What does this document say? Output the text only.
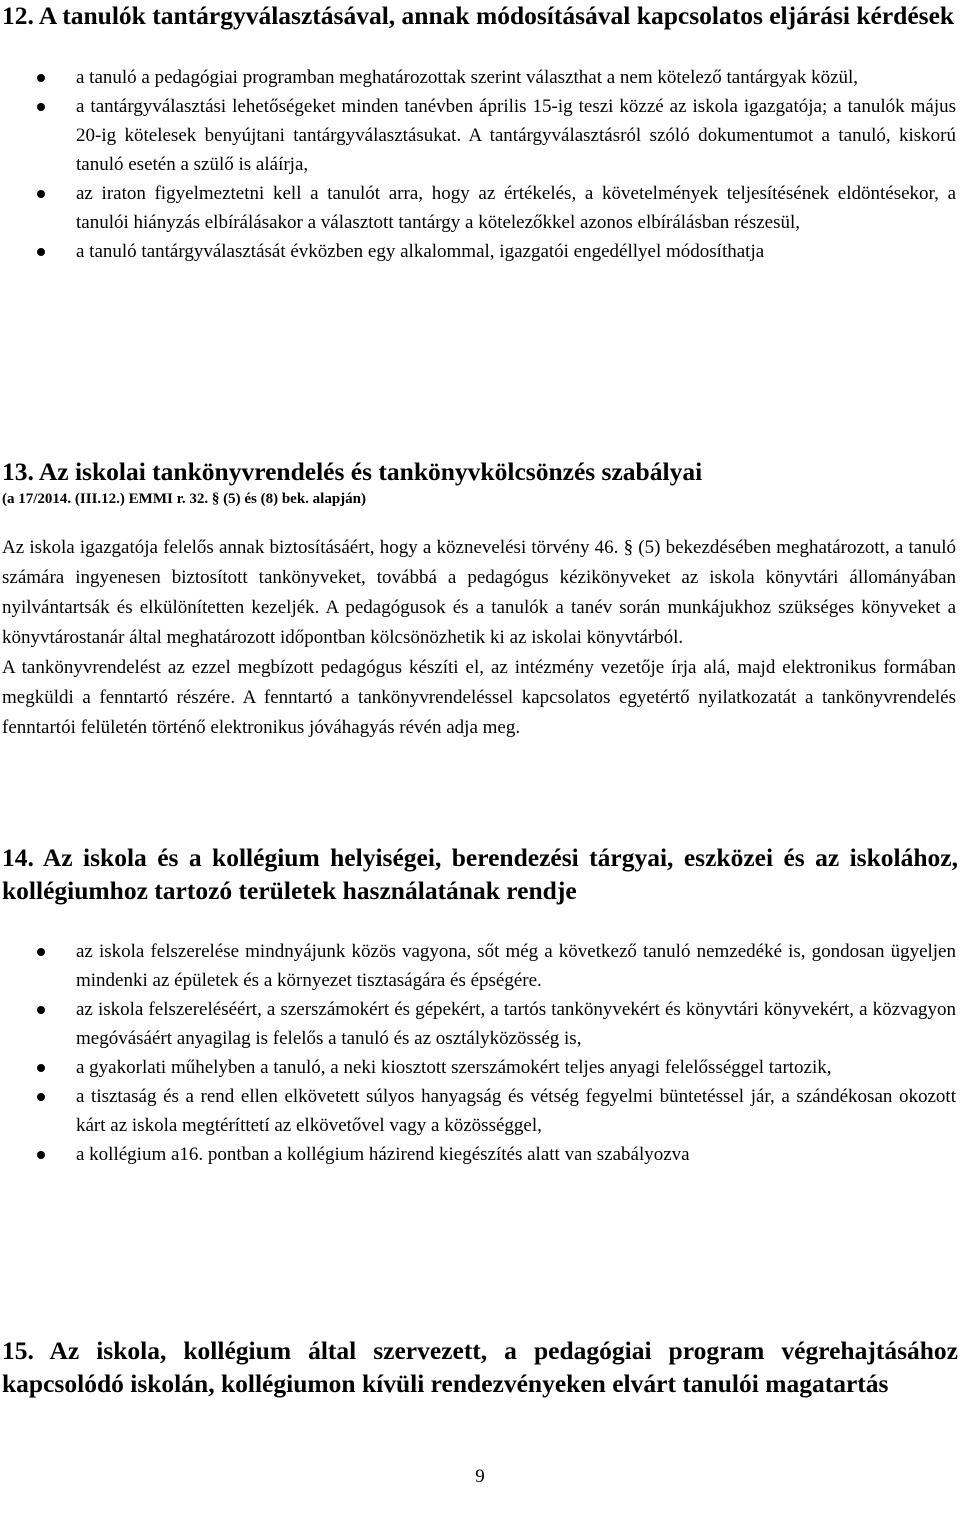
12. A tanulók tantárgyválasztásával, annak módosításával kapcsolatos eljárási kérdések
a tanuló a pedagógiai programban meghatározottak szerint választhat a nem kötelező tantárgyak közül,
a tantárgyválasztási lehetőségeket minden tanévben április 15-ig teszi közzé az iskola igazgatója; a tanulók május 20-ig kötelesek benyújtani tantárgyválasztásukat. A tantárgyválasztásról szóló dokumentumot a tanuló, kiskorú tanuló esetén a szülő is aláírja,
az iraton figyelmeztetni kell a tanulót arra, hogy az értékelés, a követelmények teljesítésének eldöntésekor, a tanulói hiányzás elbírálásakor a választott tantárgy a kötelezőkkel azonos elbírálásban részesül,
a tanuló tantárgyválasztását évközben egy alkalommal, igazgatói engedéllyel módosíthatja
13. Az iskolai tankönyvrendelés és tankönyvkölcsönzés szabályai
(a 17/2014. (III.12.) EMMI r. 32. § (5) és (8) bek. alapján)

Az iskola igazgatója felelős annak biztosításáért, hogy a köznevelési törvény 46. § (5) bekezdésében meghatározott, a tanuló számára ingyenesen biztosított tankönyveket, továbbá a pedagógus kézikönyveket az iskola könyvtári állományában nyilvántartsák és elkülönítetten kezeljék. A pedagógusok és a tanulók a tanév során munkájukhoz szükséges könyveket a könyvtárostanár által meghatározott időpontban kölcsönözhetik ki az iskolai könyvtárból.

A tankönyvrendelést az ezzel megbízott pedagógus készíti el, az intézmény vezetője írja alá, majd elektronikus formában megküldi a fenntartó részére. A fenntartó a tankönyvrendeléssel kapcsolatos egyetértő nyilatkozatát a tankönyvrendelés fenntartói felületén történő elektronikus jóváhagyás révén adja meg.

14. Az iskola és a kollégium helyiségei, berendezési tárgyai, eszközei és az iskolához, kollégiumhoz tartozó területek használatának rendje
az iskola felszerelése mindnyájunk közös vagyona, sőt még a következő tanuló nemzedéké is, gondosan ügyeljen mindenki az épületek és a környezet tisztaságára és épségére.
az iskola felszereléséért, a szerszámokért és gépekért, a tartós tankönyvekért és könyvtári könyvekért, a közvagyon megóvásáért anyagilag is felelős a tanuló és az osztályközösség is,
a gyakorlati műhelyben a tanuló, a neki kiosztott szerszámokért teljes anyagi felelősséggel tartozik,
a tisztaság és a rend ellen elkövetett súlyos hanyagság és vétség fegyelmi büntetéssel jár, a szándékosan okozott kárt az iskola megtéríttetí az elkövetővel vagy a közösséggel,
a kollégium a16. pontban a kollégium házirend kiegészítés alatt van szabályozva
15. Az iskola, kollégium által szervezett, a pedagógiai program végrehajtásához kapcsolódó iskolán, kollégiumon kívüli rendezvényeken elvárt tanulói magatartás
9
